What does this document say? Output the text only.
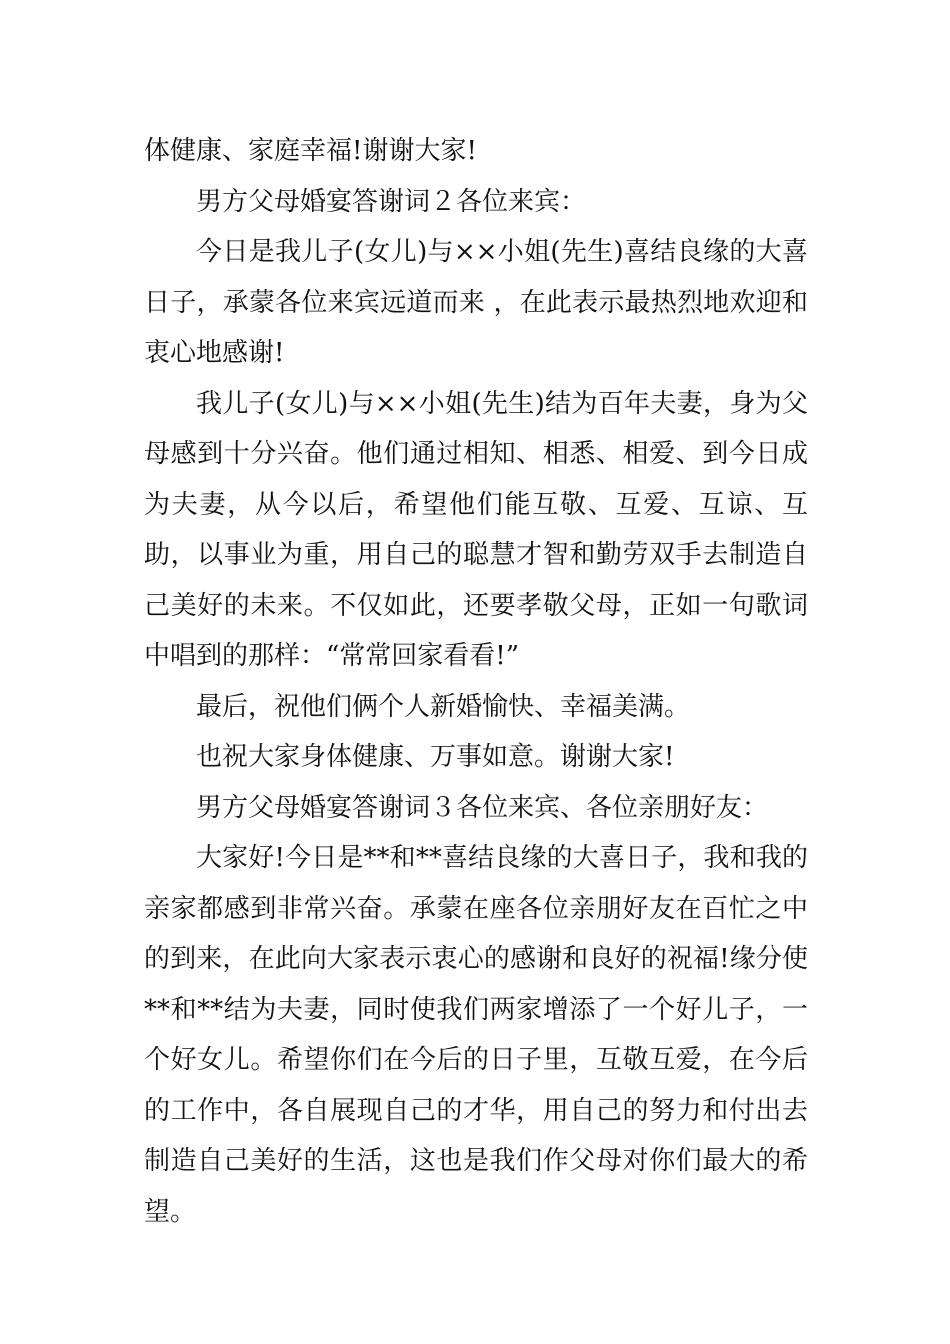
体健康、家庭幸福!谢谢大家!

男方父母婚宴答谢词２各位来宾：

今日是我儿子(女儿)与××小姐(先生)喜结良缘的大喜日子，承蒙各位来宾远道而来 ，在此表示最热烈地欢迎和衷心地感谢!

我儿子(女儿)与××小姐(先生)结为百年夫妻，身为父母感到十分兴奋。他们通过相知、相悉、相爱、到今日成为夫妻，从今以后，希望他们能互敬、互爱、互谅、互助，以事业为重，用自己的聪慧才智和勤劳双手去制造自己美好的未来。不仅如此，还要孝敬父母，正如一句歌词中唱到的那样：“常常回家看看!”

最后，祝他们俩个人新婚愉快、幸福美满。

也祝大家身体健康、万事如意。谢谢大家!

男方父母婚宴答谢词３各位来宾、各位亲朋好友：

大家好!今日是**和**喜结良缘的大喜日子，我和我的亲家都感到非常兴奋。承蒙在座各位亲朋好友在百忙之中的到来，在此向大家表示衷心的感谢和良好的祝福!缘分使**和**结为夫妻，同时使我们两家增添了一个好儿子，一个好女儿。希望你们在今后的日子里，互敬互爱，在今后的工作中，各自展现自己的才华，用自己的努力和付出去制造自己美好的生活，这也是我们作父母对你们最大的希望。
